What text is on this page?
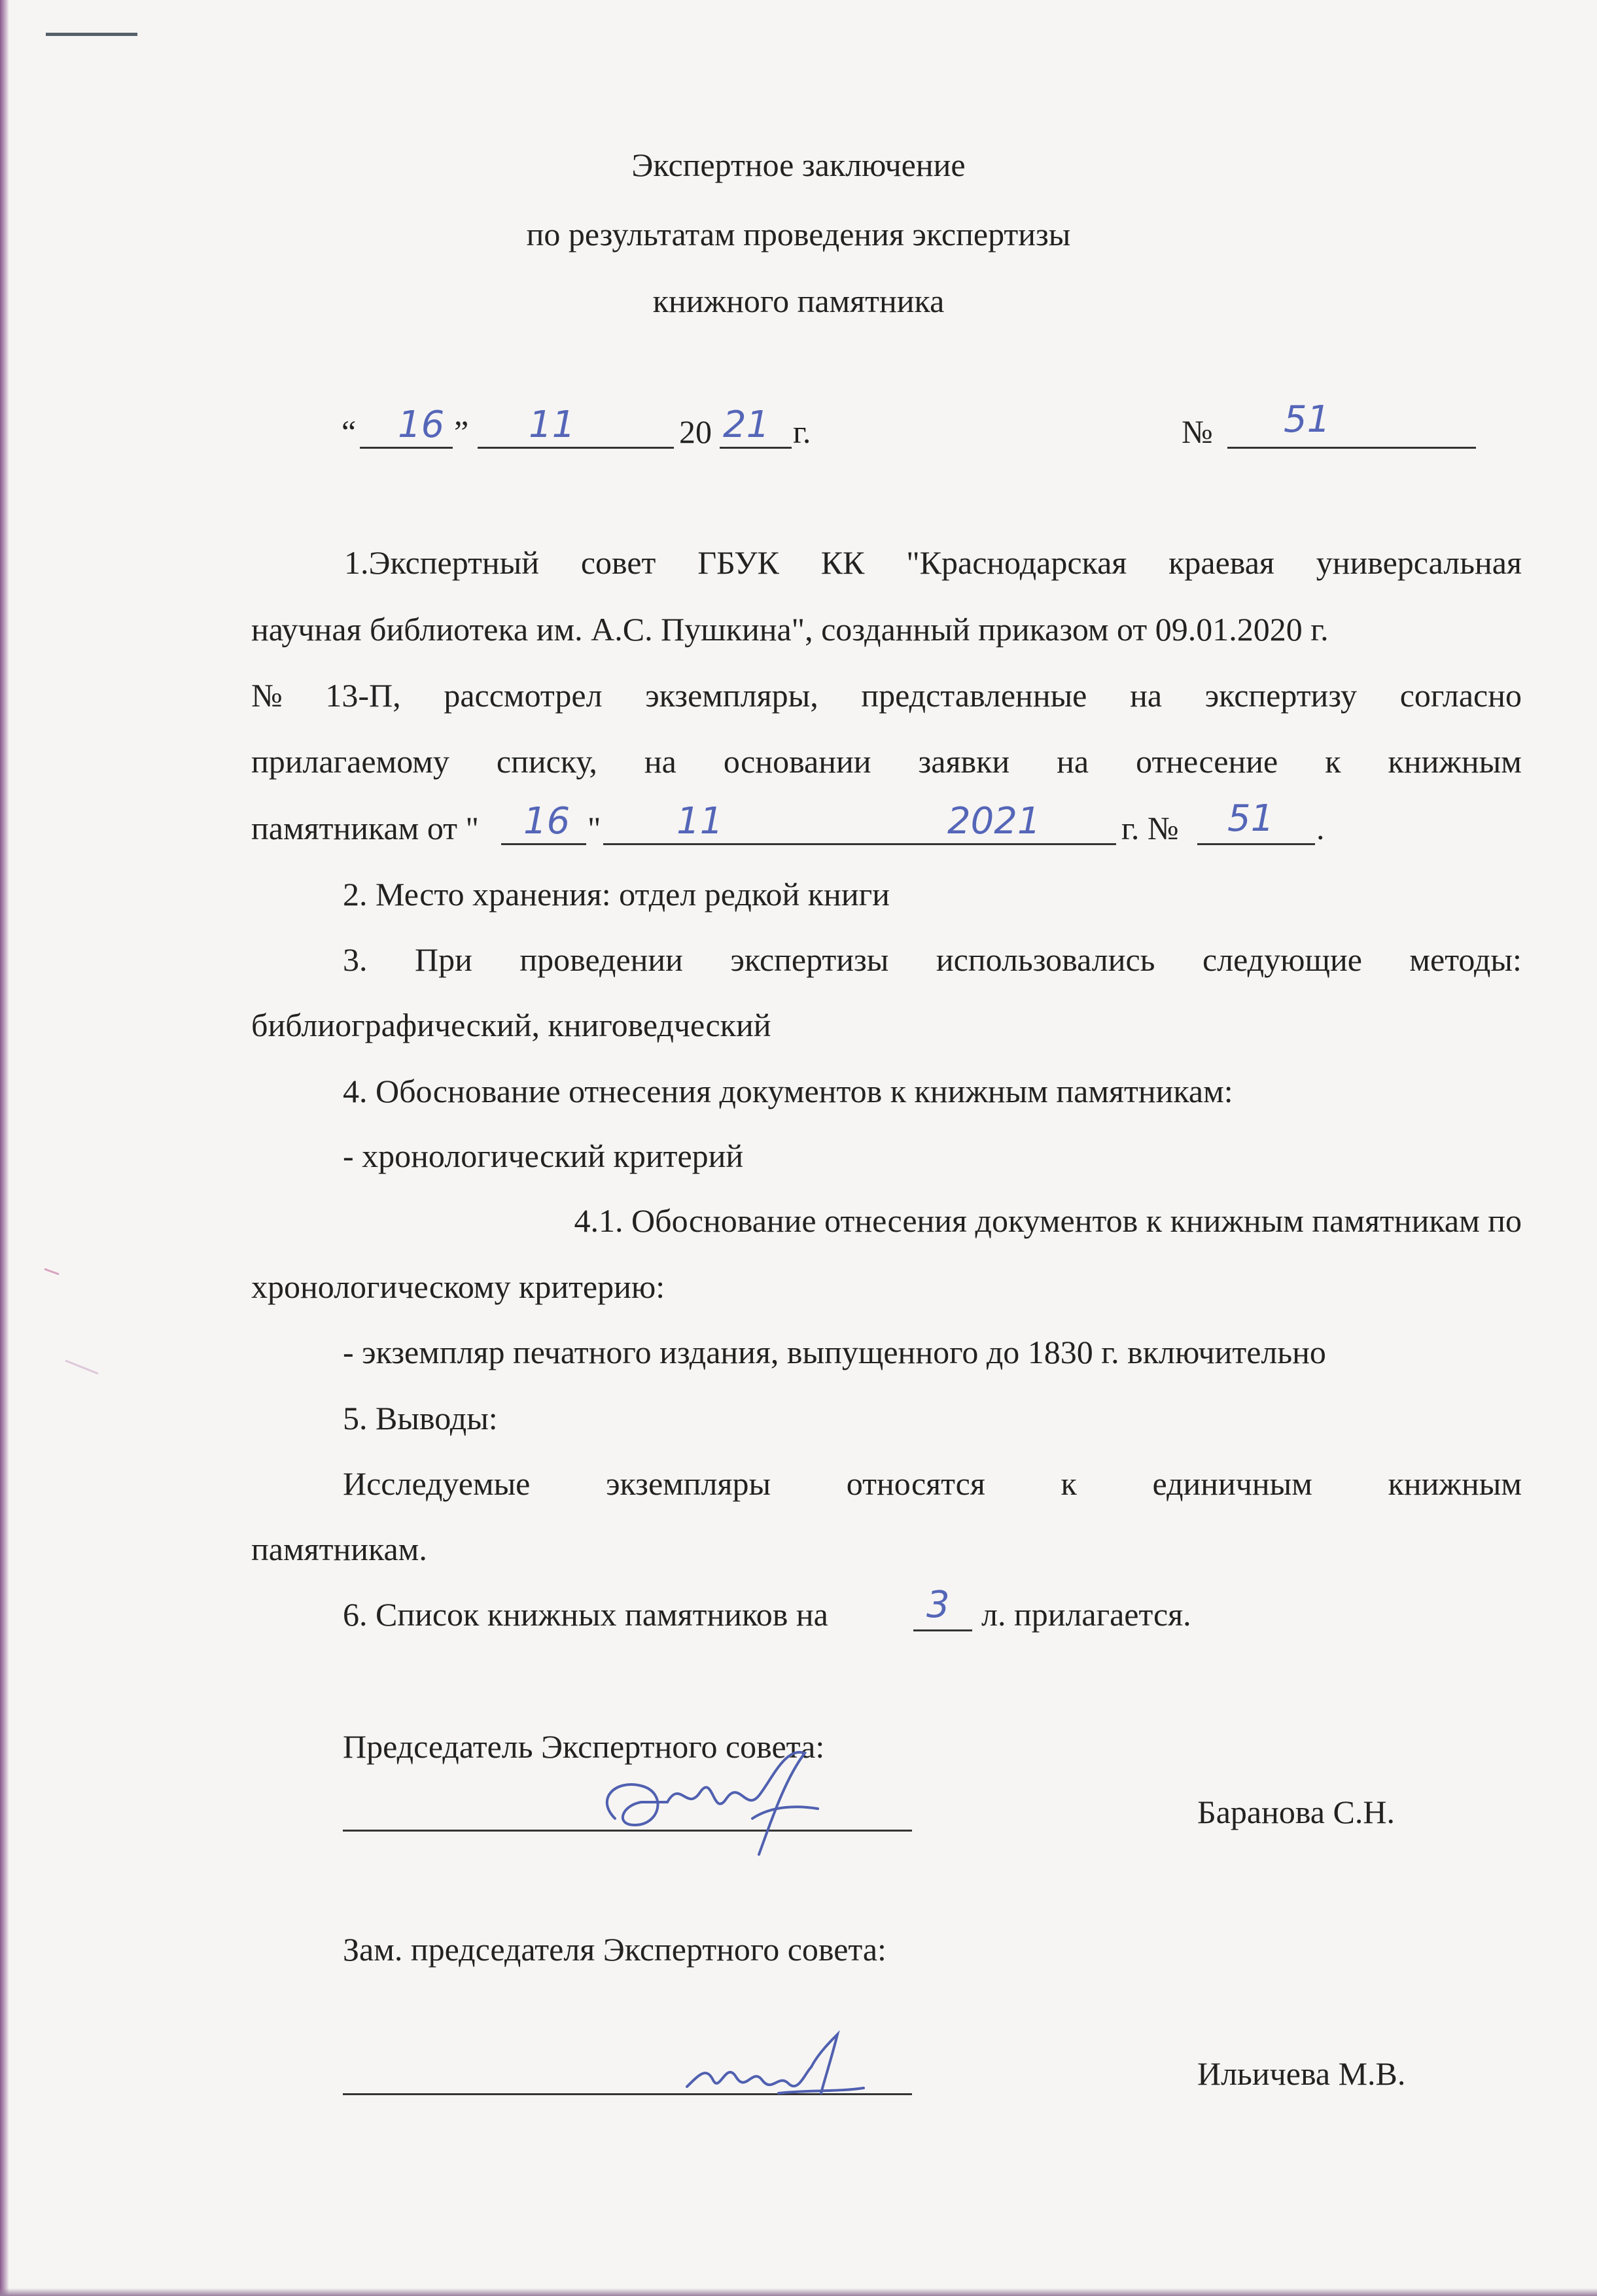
Экспертное заключение
по результатам проведения экспертизы
книжного памятника
“ 16 ” 11	20 21 г.	№ 51
1.Экспертный совет ГБУК КК "Краснодарская краевая универсальная
научная библиотека им. А.С. Пушкина", созданный приказом от 09.01.2020 г.
№ 13-П, рассмотрел экземпляры, представленные на экспертизу согласно
прилагаемому списку, на основании заявки на отнесение к книжным
памятникам от " 16 " 11	2021 г. № 51 .
2. Место хранения: отдел редкой книги
3. При проведении экспертизы использовались следующие методы:
библиографический, книговедческий
4. Обоснование отнесения документов к книжным памятникам:
- хронологический критерий
4.1. Обоснование отнесения документов к книжным памятникам по
хронологическому критерию:
- экземпляр печатного издания, выпущенного до 1830 г. включительно
5. Выводы:
Исследуемые экземпляры относятся к единичным книжным
памятникам.
6. Список книжных памятников на	3 л. прилагается.
Председатель Экспертного совета:
Баранова С.Н.
Зам. председателя Экспертного совета:
Ильичева М.В.
